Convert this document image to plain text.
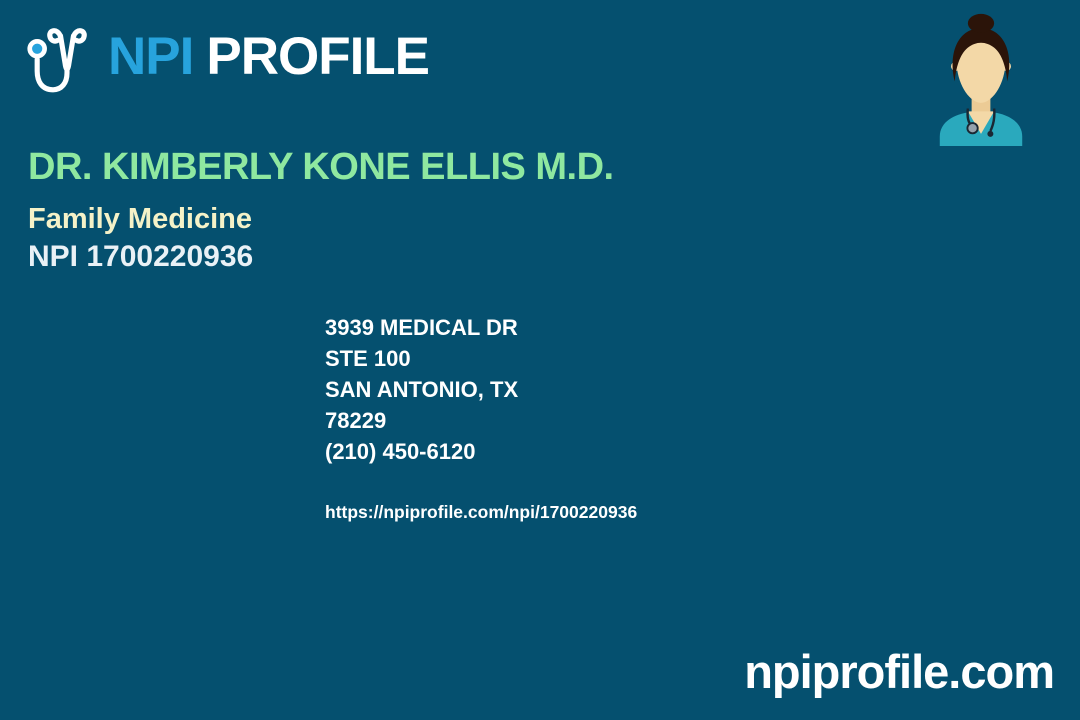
NPI PROFILE
DR. KIMBERLY KONE ELLIS M.D.
Family Medicine
NPI 1700220936
3939 MEDICAL DR
STE 100
SAN ANTONIO, TX
78229
(210) 450-6120
https://npiprofile.com/npi/1700220936
npiprofile.com
